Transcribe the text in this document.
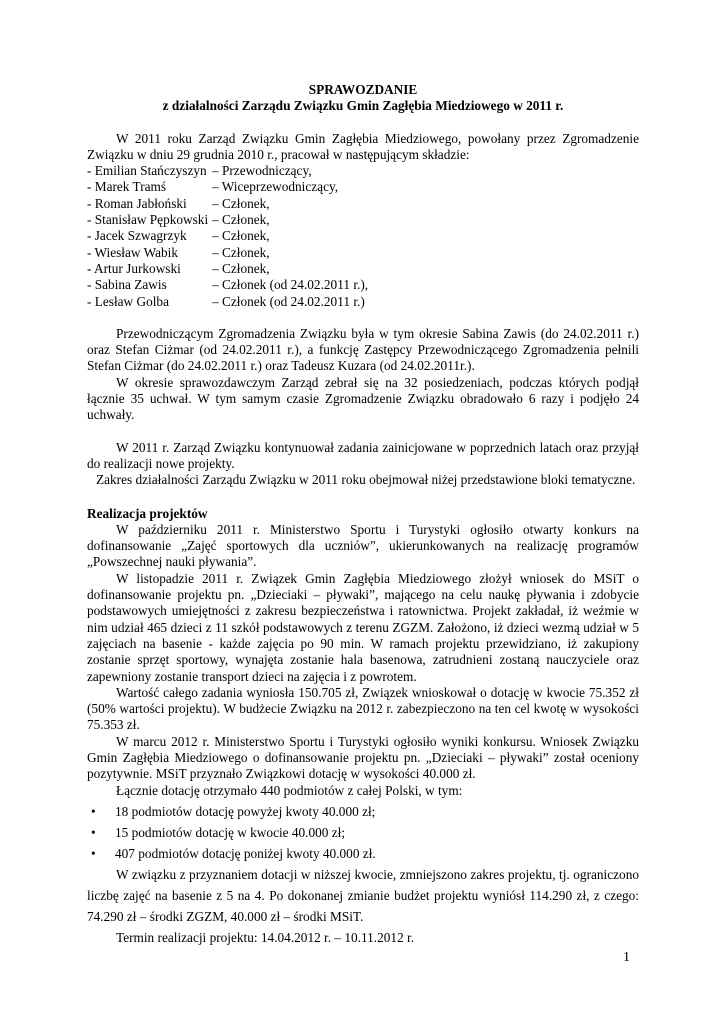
SPRAWOZDANIE
z działalności Zarządu Związku Gmin Zagłębia Miedziowego w 2011 r.

W 2011 roku Zarząd Związku Gmin Zagłębia Miedziowego, powołany przez Zgromadzenie Związku w dniu 29 grudnia 2010 r., pracował w następującym składzie:

- Emilian Stańczyszyn – Przewodniczący,
- Marek Tramś	– Wiceprzewodniczący,
- Roman Jabłoński	– Członek,
- Stanisław Pępkowski – Członek,
- Jacek Szwagrzyk	– Członek,
- Wiesław Wabik	– Członek,
- Artur Jurkowski	– Członek,
- Sabina Zawis	– Członek (od 24.02.2011 r.),
- Lesław Golba	– Członek (od 24.02.2011 r.)

Przewodniczącym Zgromadzenia Związku była w tym okresie Sabina Zawis (do 24.02.2011 r.) oraz Stefan Ciżmar (od 24.02.2011 r.), a funkcję Zastępcy Przewodniczącego Zgromadzenia pełnili Stefan Ciżmar (do 24.02.2011 r.) oraz Tadeusz Kuzara (od 24.02.2011r.).

W okresie sprawozdawczym Zarząd zebrał się na 32 posiedzeniach, podczas których podjął łącznie 35 uchwał. W tym samym czasie Zgromadzenie Związku obradowało 6 razy i podjęło 24 uchwały.

W 2011 r. Zarząd Związku kontynuował zadania zainicjowane w poprzednich latach oraz przyjął do realizacji nowe projekty.

Zakres działalności Zarządu Związku w 2011 roku obejmował niżej przedstawione bloki tematyczne.

Realizacja projektów

W październiku 2011 r. Ministerstwo Sportu i Turystyki ogłosiło otwarty konkurs na dofinansowanie „Zajęć sportowych dla uczniów”, ukierunkowanych na realizację programów „Powszechnej nauki pływania”.

W listopadzie 2011 r. Związek Gmin Zagłębia Miedziowego złożył wniosek do MSiT o dofinansowanie projektu pn. „Dzieciaki – pływaki”, mającego na celu naukę pływania i zdobycie podstawowych umiejętności z zakresu bezpieczeństwa i ratownictwa. Projekt zakładał, iż weźmie w nim udział 465 dzieci z 11 szkół podstawowych z terenu ZGZM. Założono, iż dzieci wezmą udział w 5 zajęciach na basenie - każde zajęcia po 90 min. W ramach projektu przewidziano, iż zakupiony zostanie sprzęt sportowy, wynajęta zostanie hala basenowa, zatrudnieni zostaną nauczyciele oraz zapewniony zostanie transport dzieci na zajęcia i z powrotem.

Wartość całego zadania wyniosła 150.705 zł, Związek wnioskował o dotację w kwocie 75.352 zł (50% wartości projektu). W budżecie Związku na 2012 r. zabezpieczono na ten cel kwotę w wysokości 75.353 zł.

W marcu 2012 r. Ministerstwo Sportu i Turystyki ogłosiło wyniki konkursu. Wniosek Związku Gmin Zagłębia Miedziowego o dofinansowanie projektu pn. „Dzieciaki – pływaki” został oceniony pozytywnie. MSiT przyznało Związkowi dotację w wysokości 40.000 zł.

Łącznie dotację otrzymało 440 podmiotów z całej Polski, w tym:

•	18 podmiotów dotację powyżej kwoty 40.000 zł;
•	15 podmiotów dotację w kwocie 40.000 zł;
•	407 podmiotów dotację poniżej kwoty 40.000 zł.

W związku z przyznaniem dotacji w niższej kwocie, zmniejszono zakres projektu, tj. ograniczono liczbę zajęć na basenie z 5 na 4. Po dokonanej zmianie budżet projektu wyniósł 114.290 zł, z czego: 74.290 zł – środki ZGZM, 40.000 zł – środki MSiT.

Termin realizacji projektu: 14.04.2012 r. – 10.11.2012 r.

1
